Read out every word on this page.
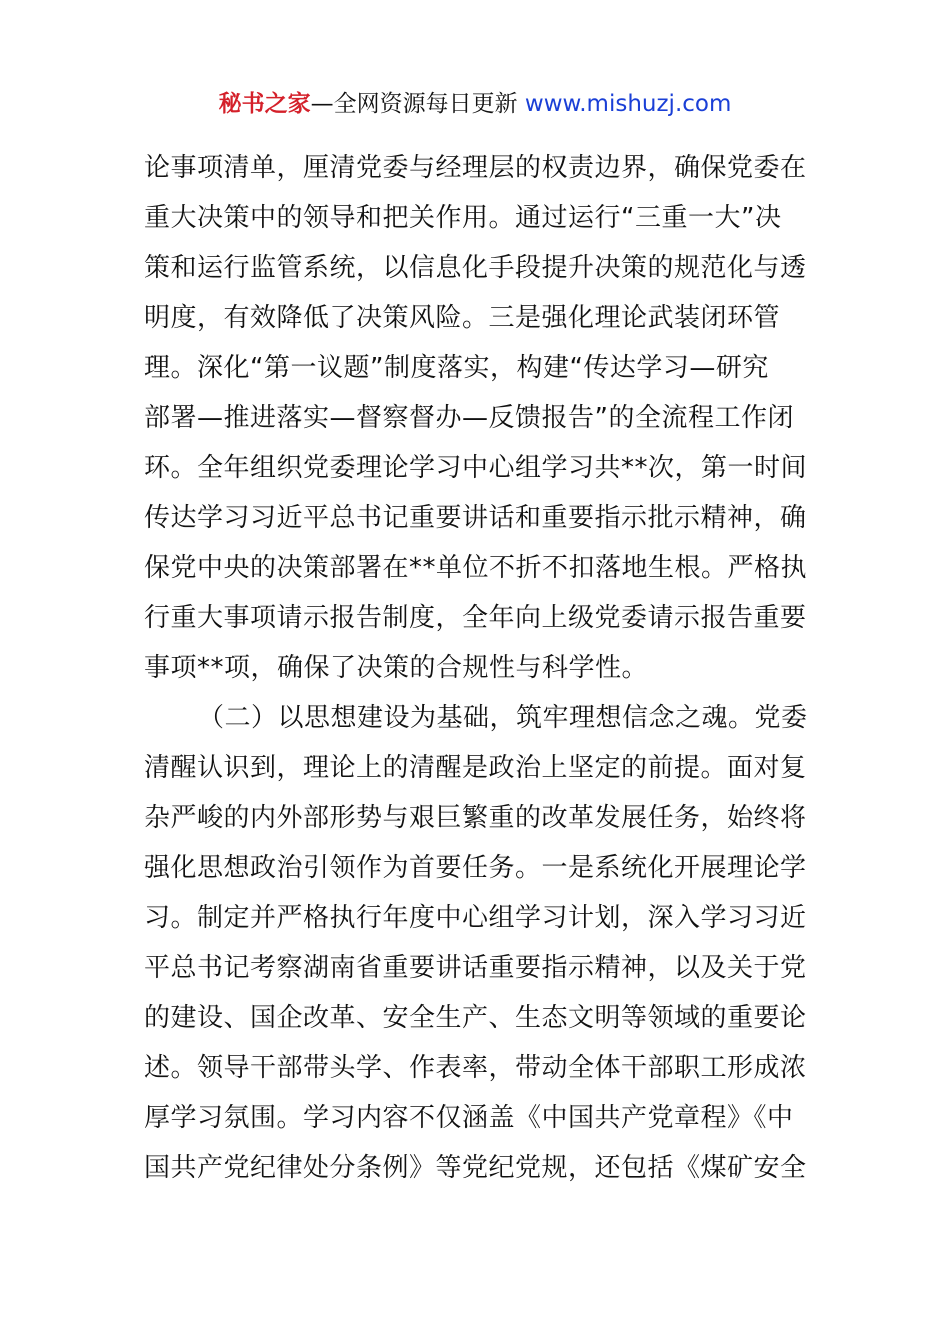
秘书之家—全网资源每日更新 www.mishuzj.com
论事项清单，厘清党委与经理层的权责边界，确保党委在
重大决策中的领导和把关作用。通过运行“三重一大”决
策和运行监管系统，以信息化手段提升决策的规范化与透
明度，有效降低了决策风险。三是强化理论武装闭环管
理。深化“第一议题”制度落实，构建“传达学习—研究
部署—推进落实—督察督办—反馈报告”的全流程工作闭
环。全年组织党委理论学习中心组学习共**次，第一时间
传达学习习近平总书记重要讲话和重要指示批示精神，确
保党中央的决策部署在**单位不折不扣落地生根。严格执
行重大事项请示报告制度，全年向上级党委请示报告重要
事项**项，确保了决策的合规性与科学性。
（二）以思想建设为基础，筑牢理想信念之魂。党委
清醒认识到，理论上的清醒是政治上坚定的前提。面对复
杂严峻的内外部形势与艰巨繁重的改革发展任务，始终将
强化思想政治引领作为首要任务。一是系统化开展理论学
习。制定并严格执行年度中心组学习计划，深入学习习近
平总书记考察湖南省重要讲话重要指示精神，以及关于党
的建设、国企改革、安全生产、生态文明等领域的重要论
述。领导干部带头学、作表率，带动全体干部职工形成浓
厚学习氛围。学习内容不仅涵盖《中国共产党章程》《中
国共产党纪律处分条例》等党纪党规，还包括《煤矿安全
